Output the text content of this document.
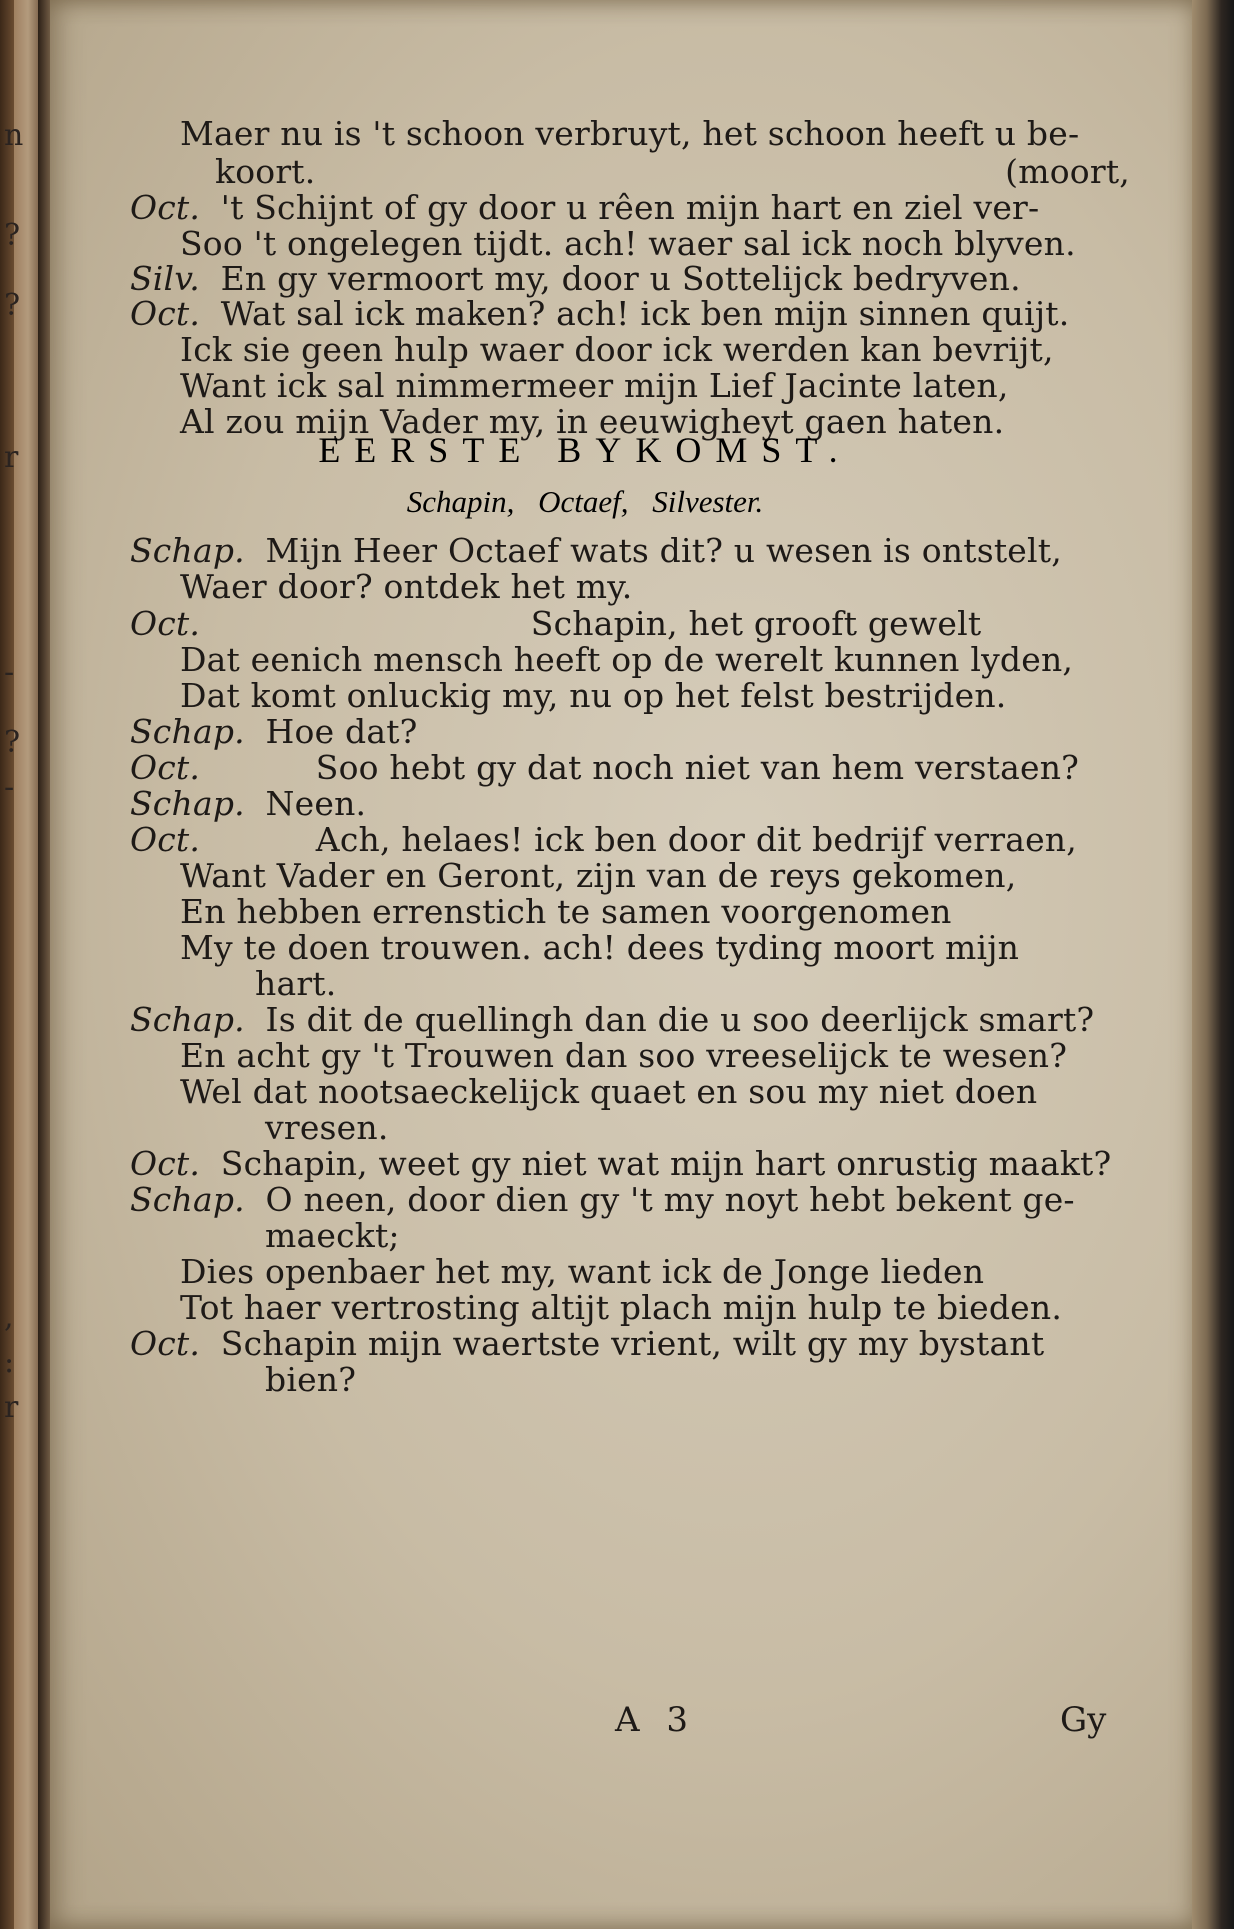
n
?
?
r
-
?
-
,
:
r
Maer nu is 't schoon verbruyt, het schoon heeft u be-
koort.	(moort,
Oct. 't Schijnt of gy door u rêen mijn hart en ziel ver-
Soo 't ongelegen tijdt. ach! waer sal ick noch blyven.
Silv. En gy vermoort my, door u Sottelijck bedryven.
Oct. Wat sal ick maken? ach! ick ben mijn sinnen quijt.
Ick sie geen hulp waer door ick werden kan bevrijt,
Want ick sal nimmermeer mijn Lief Jacinte laten,
Al zou mijn Vader my, in eeuwigheyt gaen haten.
Schap. Mijn Heer Octaef wats dit? u wesen is ontstelt,
Waer door? ontdek het my.
Oct.	Schapin, het grooft gewelt
Dat eenich mensch heeft op de werelt kunnen lyden,
Dat komt onluckig my, nu op het felst bestrijden.
Schap. Hoe dat?
Oct.	Soo hebt gy dat noch niet van hem verstaen?
Schap. Neen.
Oct.	Ach, helaes! ick ben door dit bedrijf verraen,
Want Vader en Geront, zijn van de reys gekomen,
En hebben errenstich te samen voorgenomen
My te doen trouwen. ach! dees tyding moort mijn
hart.
Schap. Is dit de quellingh dan die u soo deerlijck smart?
En acht gy 't Trouwen dan soo vreeselijck te wesen?
Wel dat nootsaeckelijck quaet en sou my niet doen
vresen.
Oct. Schapin, weet gy niet wat mijn hart onrustig maakt?
Schap. O neen, door dien gy 't my noyt hebt bekent ge-
maeckt;
Dies openbaer het my, want ick de Jonge lieden
Tot haer vertrosting altijt plach mijn hulp te bieden.
Oct. Schapin mijn waertste vrient, wilt gy my bystant
bien?
EERSTE BYKOMST.
Schapin, Octaef, Silvester.
A 3	Gy
